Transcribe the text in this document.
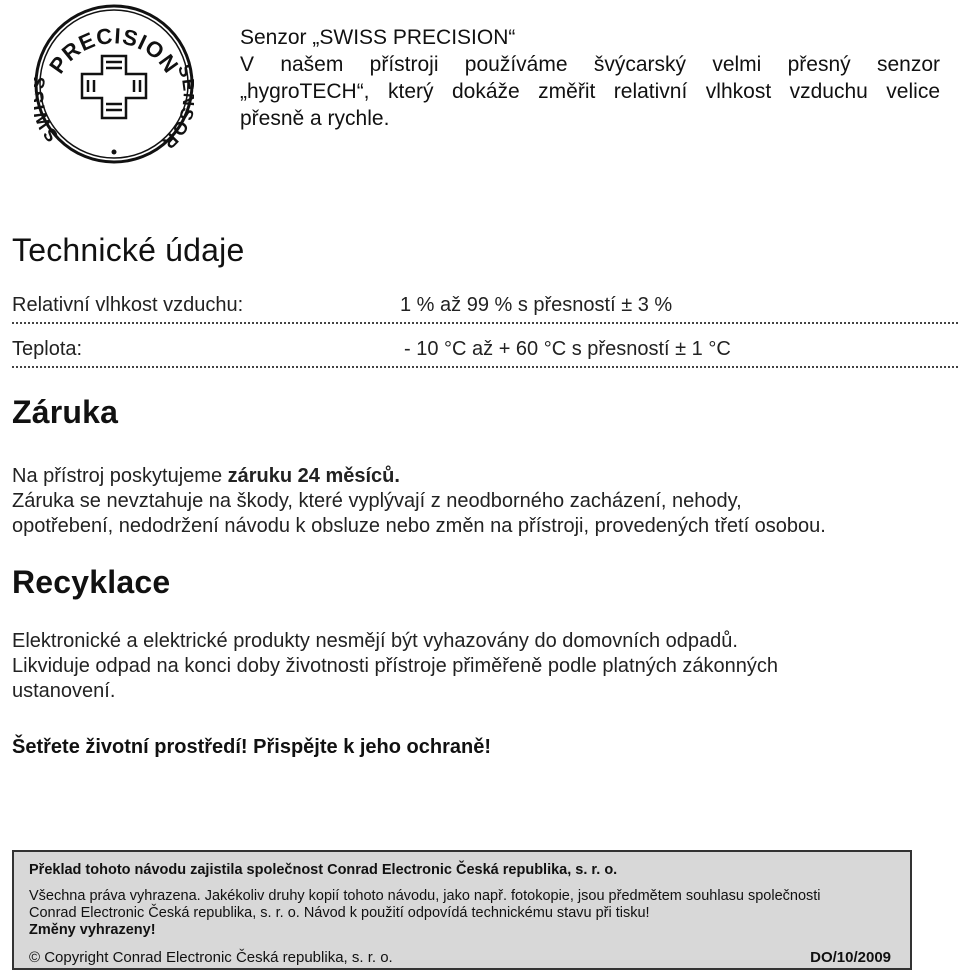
PRECISION
S	OR

Senzor „SWISS PRECISION“

V našem přístroji používáme švýcarský velmi přesný senzor

„hygroTECH“, který dokáže změřit relativní vlhkost vzduchu velice

přesně a rychle.

Technické údaje
Relativní vlhkost vzduchu:	1 % až 99 % s přesností ± 3 %
Teplota:	- 10 °C až + 60 °C s přesností ± 1 °C
Záruka

Na přístroj poskytujeme záruku 24 měsíců.

Záruka se nevztahuje na škody, které vyplývají z neodborného zacházení, nehody,

opotřebení, nedodržení návodu k obsluze nebo změn na přístroji, provedených třetí osobou.

Recyklace

Elektronické a elektrické produkty nesmějí být vyhazovány do domovních odpadů.

Likviduje odpad na konci doby životnosti přístroje přiměřeně podle platných zákonných

ustanovení.

Šetřete životní prostředí! Přispějte k jeho ochraně!
Překlad tohoto návodu zajistila společnost Conrad Electronic Česká republika, s. r. o.

Všechna práva vyhrazena. Jakékoliv druhy kopií tohoto návodu, jako např. fotokopie, jsou předmětem souhlasu společnosti

Conrad Electronic Česká republika, s. r. o. Návod k použití odpovídá technickému stavu při tisku!

Změny vyhrazeny!

© Copyright Conrad Electronic Česká republika, s. r. o.	DO/10/2009
